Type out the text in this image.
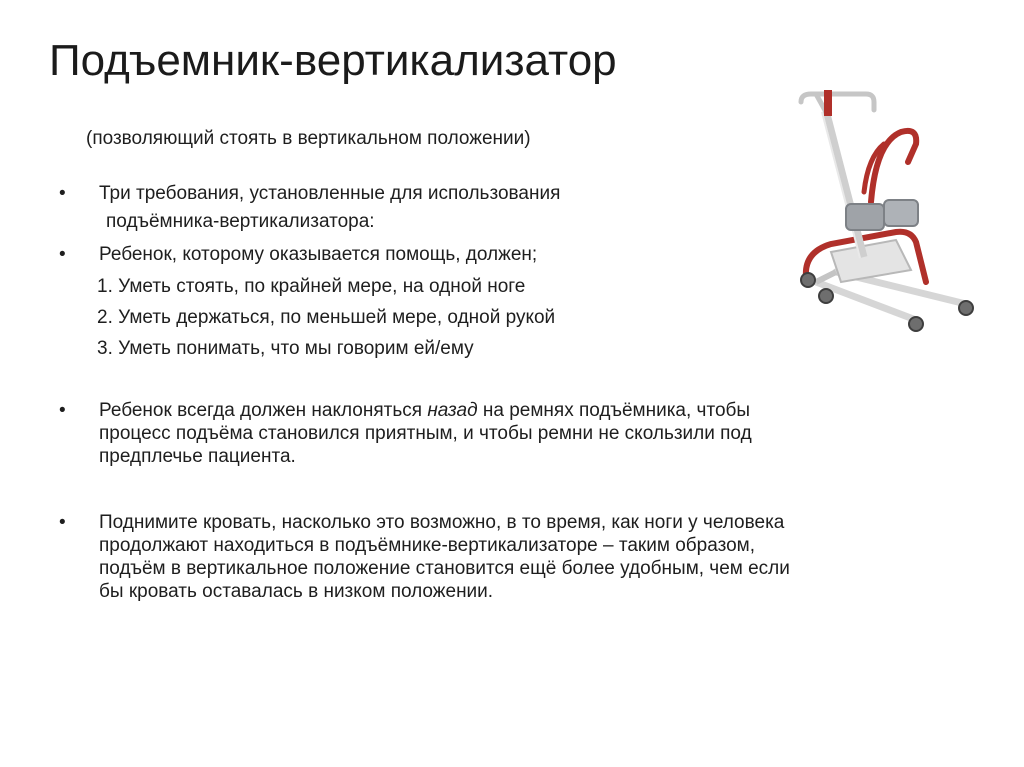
Подъемник-вертикализатор
(позволяющий стоять в вертикальном положении)
• Три требования, установленные для использования
подъёмника-вертикализатора:
• Ребенок, которому оказывается помощь, должен;
1. Уметь стоять, по крайней мере, на одной ноге
2. Уметь держаться, по меньшей мере, одной рукой
3. Уметь понимать, что мы говорим ей/ему
• Ребенок всегда должен наклоняться назад на ремнях подъёмника, чтобы
процесс подъёма становился приятным, и чтобы ремни не скользили под
предплечье пациента.
• Поднимите кровать, насколько это возможно, в то время, как ноги у человека
продолжают находиться в подъёмнике-вертикализаторе – таким образом,
подъём в вертикальное положение становится ещё более удобным, чем если
бы кровать оставалась в низком положении.
